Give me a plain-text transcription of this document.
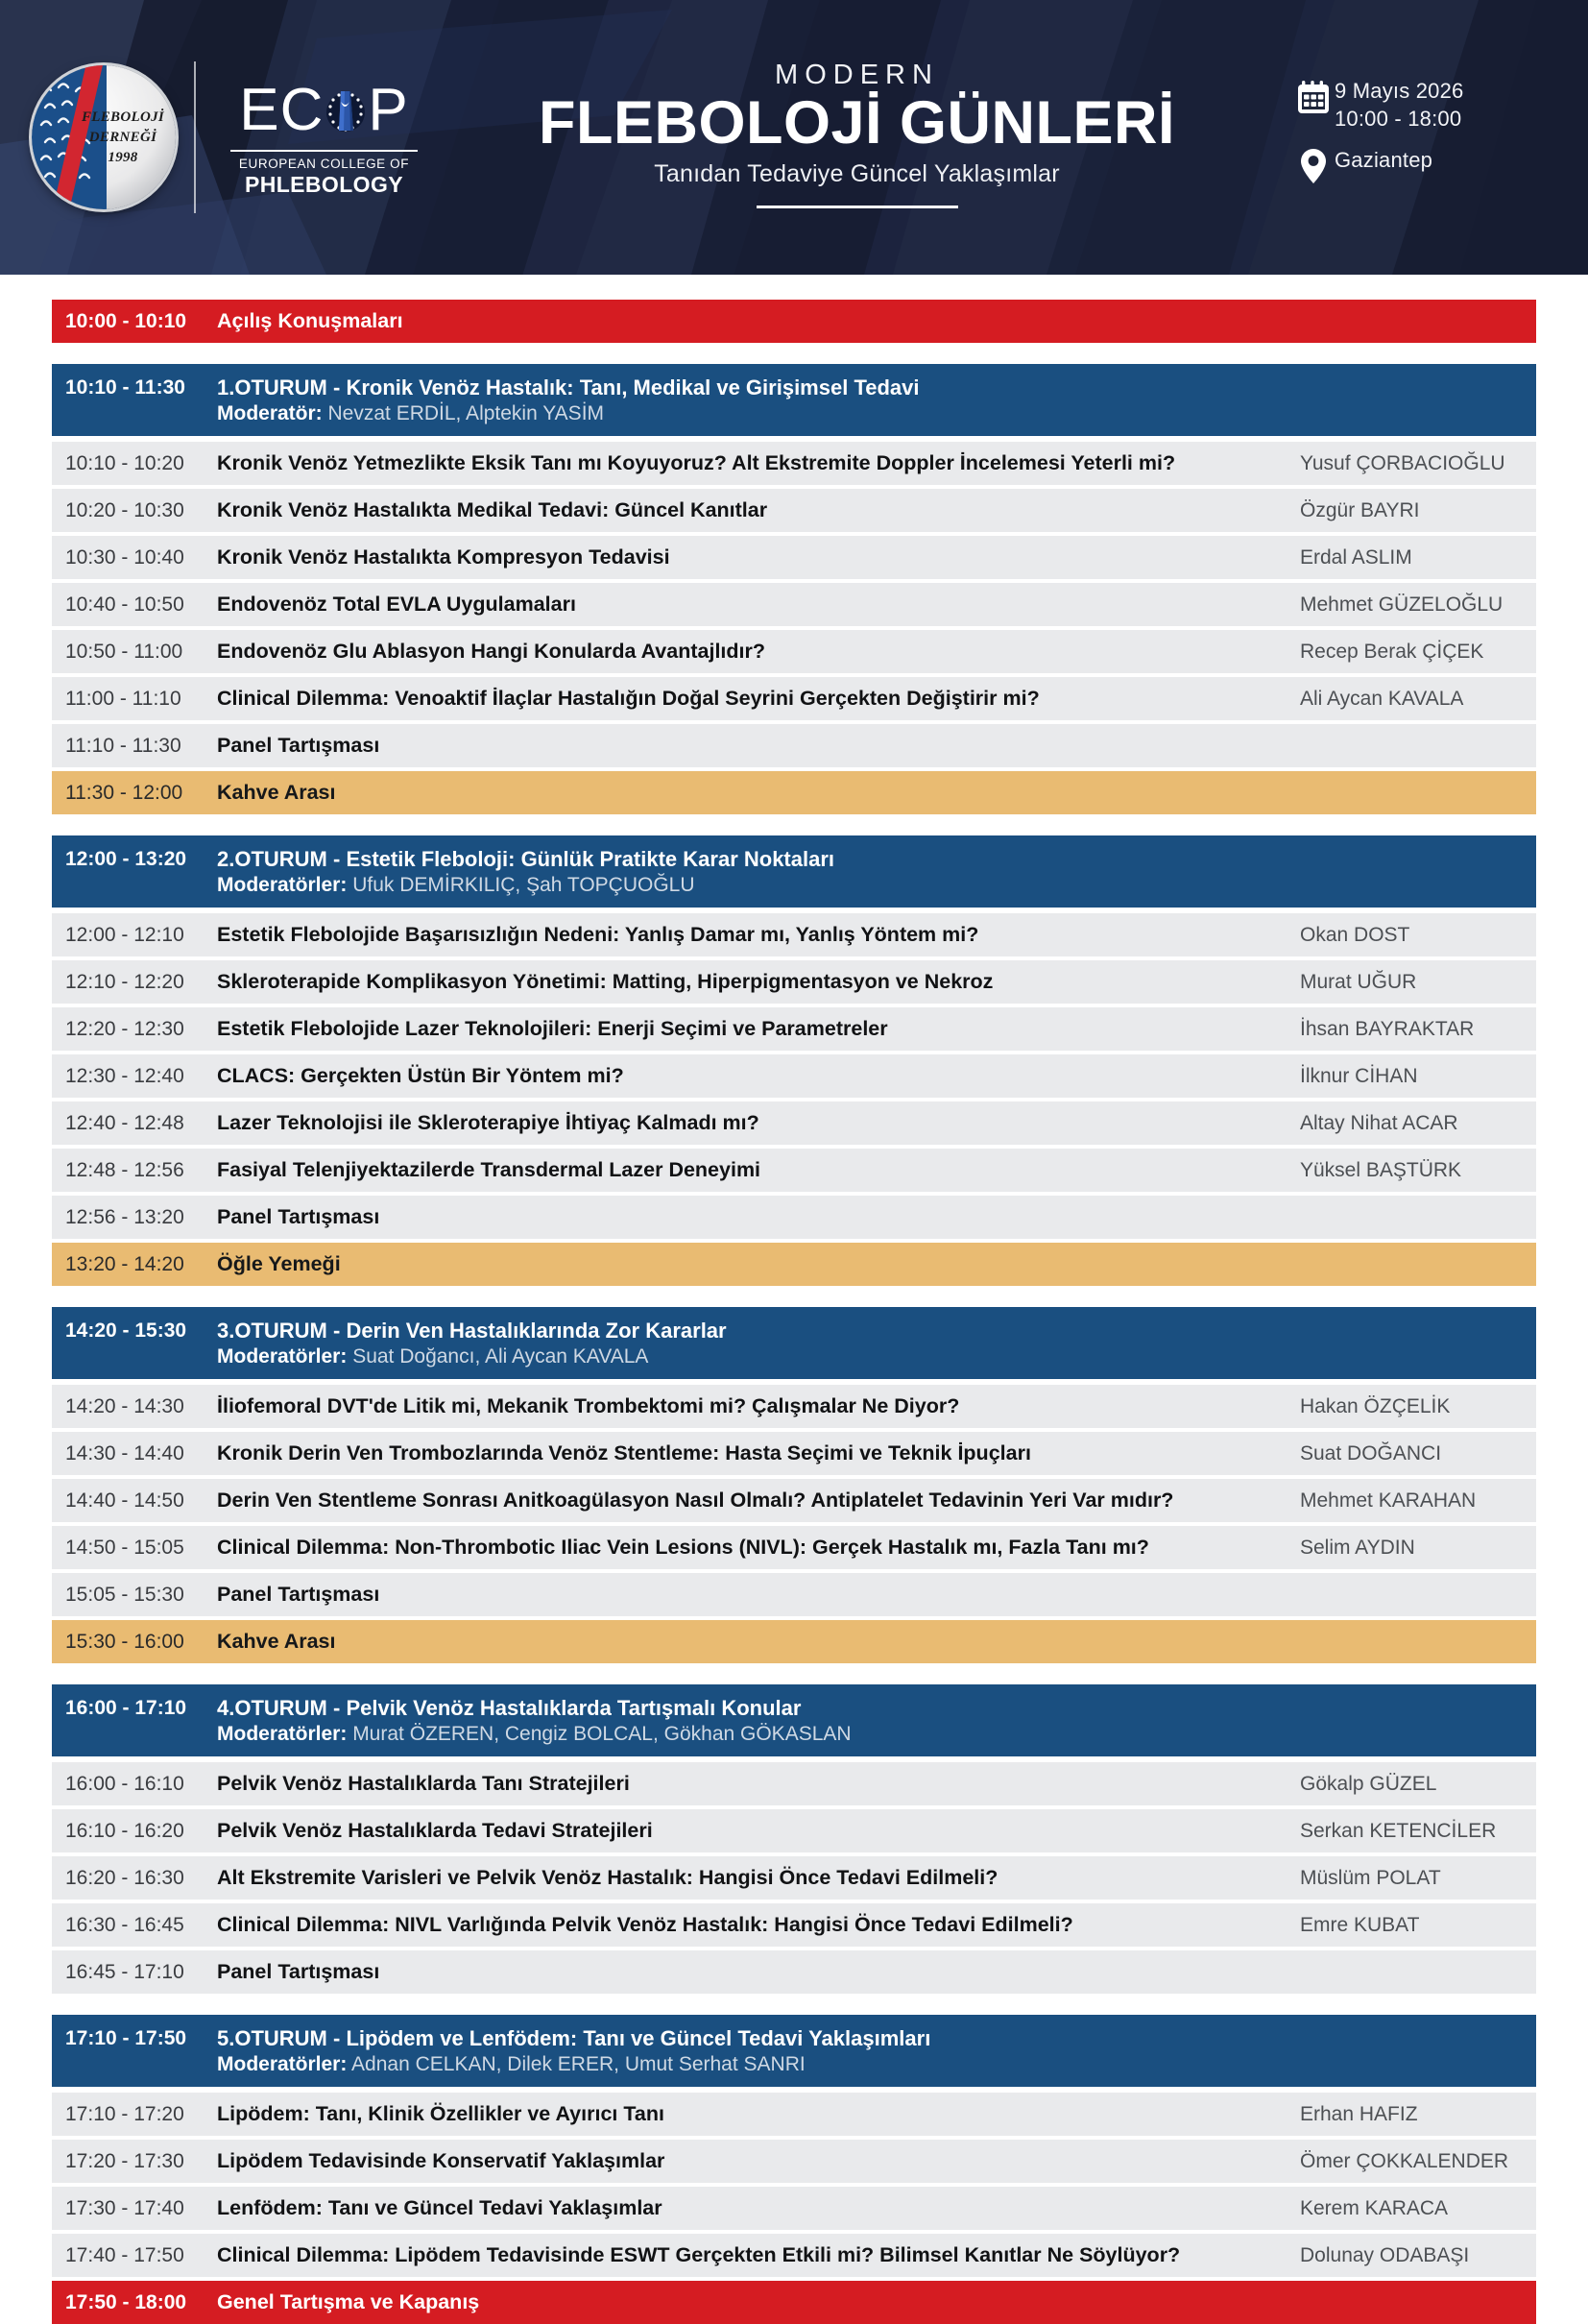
FLEBOLOJİ
DERNEĞİ
1998
EC P
EUROPEAN COLLEGE OF
PHLEBOLOGY
MODERN
FLEBOLOJİ GÜNLERİ
Tanıdan Tedaviye Güncel Yaklaşımlar
9 Mayıs 2026
10:00 - 18:00
Gaziantep
10:00 - 10:10	Açılış Konuşmaları
10:10 - 11:30	1.OTURUM - Kronik Venöz Hastalık: Tanı, Medikal ve Girişimsel Tedavi
Moderatör: Nevzat ERDİL, Alptekin YASİM
10:10 - 10:20	Kronik Venöz Yetmezlikte Eksik Tanı mı Koyuyoruz? Alt Ekstremite Doppler İncelemesi Yeterli mi?	Yusuf ÇORBACIOĞLU
10:20 - 10:30	Kronik Venöz Hastalıkta Medikal Tedavi: Güncel Kanıtlar	Özgür BAYRI
10:30 - 10:40	Kronik Venöz Hastalıkta Kompresyon Tedavisi	Erdal ASLIM
10:40 - 10:50	Endovenöz Total EVLA Uygulamaları	Mehmet GÜZELOĞLU
10:50 - 11:00	Endovenöz Glu Ablasyon Hangi Konularda Avantajlıdır?	Recep Berak ÇİÇEK
11:00 - 11:10	Clinical Dilemma: Venoaktif İlaçlar Hastalığın Doğal Seyrini Gerçekten Değiştirir mi?	Ali Aycan KAVALA
11:10 - 11:30	Panel Tartışması
11:30 - 12:00	Kahve Arası
12:00 - 13:20	2.OTURUM - Estetik Fleboloji: Günlük Pratikte Karar Noktaları
Moderatörler: Ufuk DEMİRKILIÇ, Şah TOPÇUOĞLU
12:00 - 12:10	Estetik Flebolojide Başarısızlığın Nedeni: Yanlış Damar mı, Yanlış Yöntem mi?	Okan DOST
12:10 - 12:20	Skleroterapide Komplikasyon Yönetimi: Matting, Hiperpigmentasyon ve Nekroz	Murat UĞUR
12:20 - 12:30	Estetik Flebolojide Lazer Teknolojileri: Enerji Seçimi ve Parametreler	İhsan BAYRAKTAR
12:30 - 12:40	CLACS: Gerçekten Üstün Bir Yöntem mi?	İlknur CİHAN
12:40 - 12:48	Lazer Teknolojisi ile Skleroterapiye İhtiyaç Kalmadı mı?	Altay Nihat ACAR
12:48 - 12:56	Fasiyal Telenjiyektazilerde Transdermal Lazer Deneyimi	Yüksel BAŞTÜRK
12:56 - 13:20	Panel Tartışması
13:20 - 14:20	Öğle Yemeği
14:20 - 15:30	3.OTURUM - Derin Ven Hastalıklarında Zor Kararlar
Moderatörler: Suat Doğancı, Ali Aycan KAVALA
14:20 - 14:30	İliofemoral DVT'de Litik mi, Mekanik Trombektomi mi? Çalışmalar Ne Diyor?	Hakan ÖZÇELİK
14:30 - 14:40	Kronik Derin Ven Trombozlarında Venöz Stentleme: Hasta Seçimi ve Teknik İpuçları	Suat DOĞANCI
14:40 - 14:50	Derin Ven Stentleme Sonrası Anitkoagülasyon Nasıl Olmalı? Antiplatelet Tedavinin Yeri Var mıdır?	Mehmet KARAHAN
14:50 - 15:05	Clinical Dilemma: Non-Thrombotic Iliac Vein Lesions (NIVL): Gerçek Hastalık mı, Fazla Tanı mı?	Selim AYDIN
15:05 - 15:30	Panel Tartışması
15:30 - 16:00	Kahve Arası
16:00 - 17:10	4.OTURUM - Pelvik Venöz Hastalıklarda Tartışmalı Konular
Moderatörler: Murat ÖZEREN, Cengiz BOLCAL, Gökhan GÖKASLAN
16:00 - 16:10	Pelvik Venöz Hastalıklarda Tanı Stratejileri	Gökalp GÜZEL
16:10 - 16:20	Pelvik Venöz Hastalıklarda Tedavi Stratejileri	Serkan KETENCİLER
16:20 - 16:30	Alt Ekstremite Varisleri ve Pelvik Venöz Hastalık: Hangisi Önce Tedavi Edilmeli?	Müslüm POLAT
16:30 - 16:45	Clinical Dilemma: NIVL Varlığında Pelvik Venöz Hastalık: Hangisi Önce Tedavi Edilmeli?	Emre KUBAT
16:45 - 17:10	Panel Tartışması
17:10 - 17:50	5.OTURUM - Lipödem ve Lenfödem: Tanı ve Güncel Tedavi Yaklaşımları
Moderatörler: Adnan CELKAN, Dilek ERER, Umut Serhat SANRI
17:10 - 17:20	Lipödem: Tanı, Klinik Özellikler ve Ayırıcı Tanı	Erhan HAFIZ
17:20 - 17:30	Lipödem Tedavisinde Konservatif Yaklaşımlar	Ömer ÇOKKALENDER
17:30 - 17:40	Lenfödem: Tanı ve Güncel Tedavi Yaklaşımlar	Kerem KARACA
17:40 - 17:50	Clinical Dilemma: Lipödem Tedavisinde ESWT Gerçekten Etkili mi? Bilimsel Kanıtlar Ne Söylüyor?	Dolunay ODABAŞI
17:50 - 18:00	Genel Tartışma ve Kapanış
